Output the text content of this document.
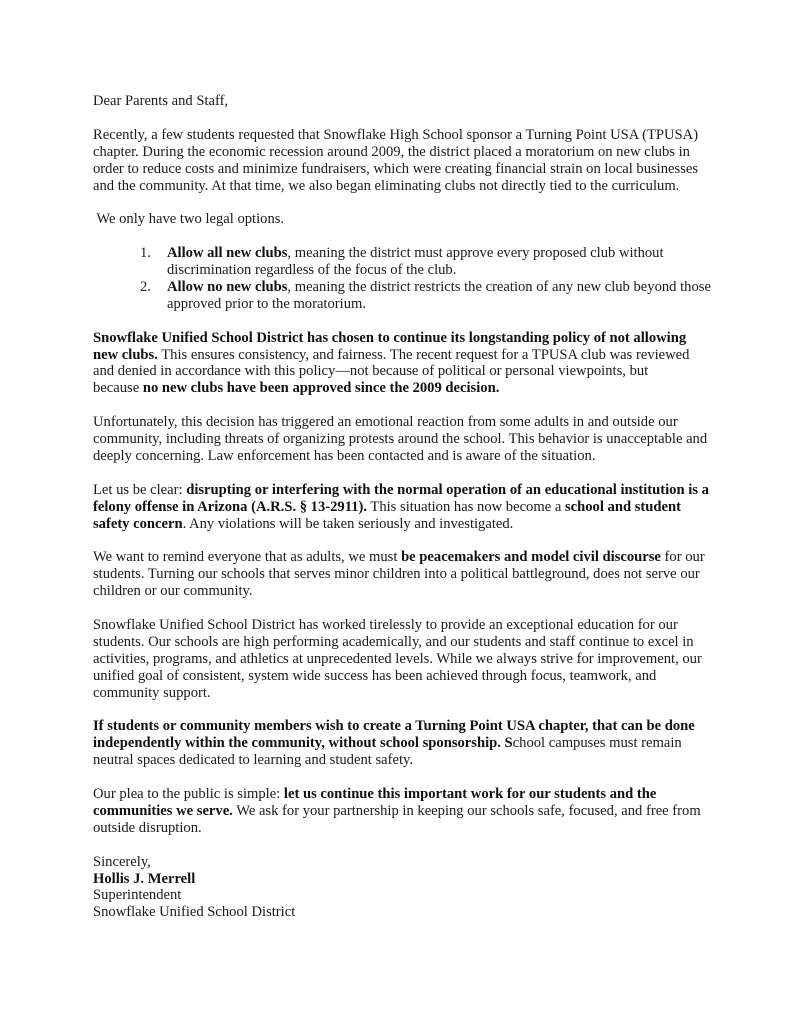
Dear Parents and Staff,

Recently, a few students requested that Snowflake High School sponsor a Turning Point USA (TPUSA)
chapter. During the economic recession around 2009, the district placed a moratorium on new clubs in
order to reduce costs and minimize fundraisers, which were creating financial strain on local businesses
and the community. At that time, we also began eliminating clubs not directly tied to the curriculum.

We only have two legal options.

1. Allow all new clubs, meaning the district must approve every proposed club without
discrimination regardless of the focus of the club.
2. Allow no new clubs, meaning the district restricts the creation of any new club beyond those
approved prior to the moratorium.

Snowflake Unified School District has chosen to continue its longstanding policy of not allowing
new clubs. This ensures consistency, and fairness. The recent request for a TPUSA club was reviewed
and denied in accordance with this policy—not because of political or personal viewpoints, but
because no new clubs have been approved since the 2009 decision.

Unfortunately, this decision has triggered an emotional reaction from some adults in and outside our
community, including threats of organizing protests around the school. This behavior is unacceptable and
deeply concerning. Law enforcement has been contacted and is aware of the situation.

Let us be clear: disrupting or interfering with the normal operation of an educational institution is a
felony offense in Arizona (A.R.S. § 13-2911). This situation has now become a school and student
safety concern. Any violations will be taken seriously and investigated.

We want to remind everyone that as adults, we must be peacemakers and model civil discourse for our
students. Turning our schools that serves minor children into a political battleground, does not serve our
children or our community.

Snowflake Unified School District has worked tirelessly to provide an exceptional education for our
students. Our schools are high performing academically, and our students and staff continue to excel in
activities, programs, and athletics at unprecedented levels. While we always strive for improvement, our
unified goal of consistent, system wide success has been achieved through focus, teamwork, and
community support.

If students or community members wish to create a Turning Point USA chapter, that can be done
independently within the community, without school sponsorship. School campuses must remain
neutral spaces dedicated to learning and student safety.

Our plea to the public is simple: let us continue this important work for our students and the
communities we serve. We ask for your partnership in keeping our schools safe, focused, and free from
outside disruption.

Sincerely,
Hollis J. Merrell
Superintendent
Snowflake Unified School District
